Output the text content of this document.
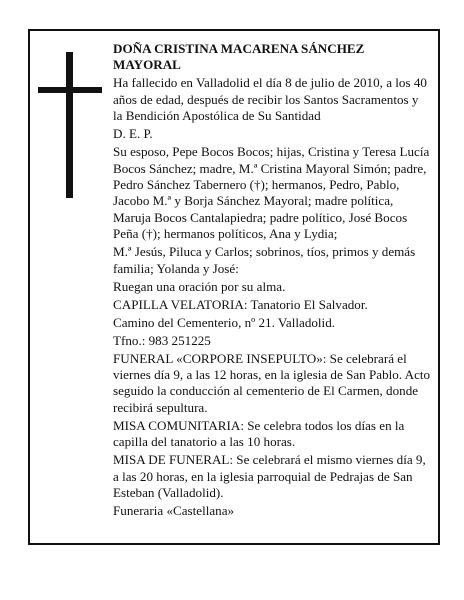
DOÑA CRISTINA MACARENA SÁNCHEZ MAYORAL

Ha fallecido en Valladolid el día 8 de julio de 2010, a los 40 años de edad, después de recibir los Santos Sacramentos y la Bendición Apostólica de Su Santidad

D. E. P.

Su esposo, Pepe Bocos Bocos; hijas, Cristina y Teresa Lucía Bocos Sánchez; madre, M.ª Cristina Mayoral Simón; padre, Pedro Sánchez Tabernero (†); hermanos, Pedro, Pablo, Jacobo M.ª y Borja Sánchez Mayoral; madre política, Maruja Bocos Cantalapiedra; padre político, José Bocos Peña (†); hermanos políticos, Ana y Lydia;

M.ª Jesús, Piluca y Carlos; sobrinos, tíos, primos y demás familia; Yolanda y José:

Ruegan una oración por su alma.

CAPILLA VELATORIA: Tanatorio El Salvador.

Camino del Cementerio, nº 21. Valladolid.

Tfno.: 983 251225

FUNERAL «CORPORE INSEPULTO»: Se celebrará el viernes día 9, a las 12 horas, en la iglesia de San Pablo. Acto seguido la conducción al cementerio de El Carmen, donde recibirá sepultura.

MISA COMUNITARIA: Se celebra todos los días en la capilla del tanatorio a las 10 horas.

MISA DE FUNERAL: Se celebrará el mismo viernes día 9, a las 20 horas, en la iglesia parroquial de Pedrajas de San Esteban (Valladolid).

Funeraria «Castellana»
